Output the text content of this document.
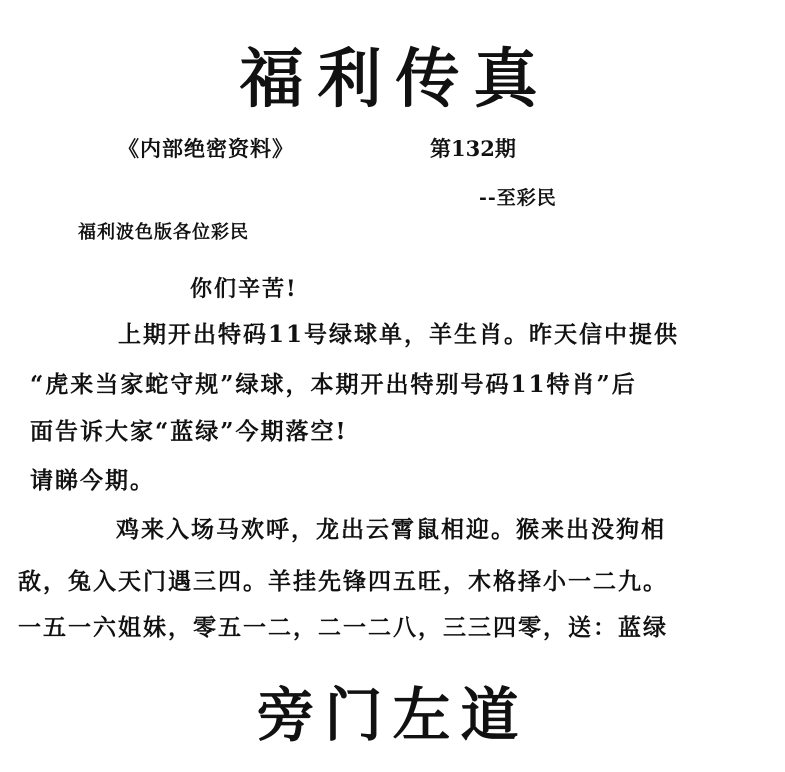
福利传真
《内部绝密资料》	第132期
--至彩民
福利波色版各位彩民
你们辛苦!
上期开出特码11号绿球单，羊生肖。昨天信中提供
“虎来当家蛇守规”绿球，本期开出特别号码11特肖”后
面告诉大家“蓝绿”今期落空!
请睇今期。
鸡来入场马欢呼，龙出云霄鼠相迎。猴来出没狗相
敌，兔入天门遇三四。羊挂先锋四五旺，木格择小一二九。
一五一六姐妹，零五一二，二一二八，三三四零，送：蓝绿
旁门左道
